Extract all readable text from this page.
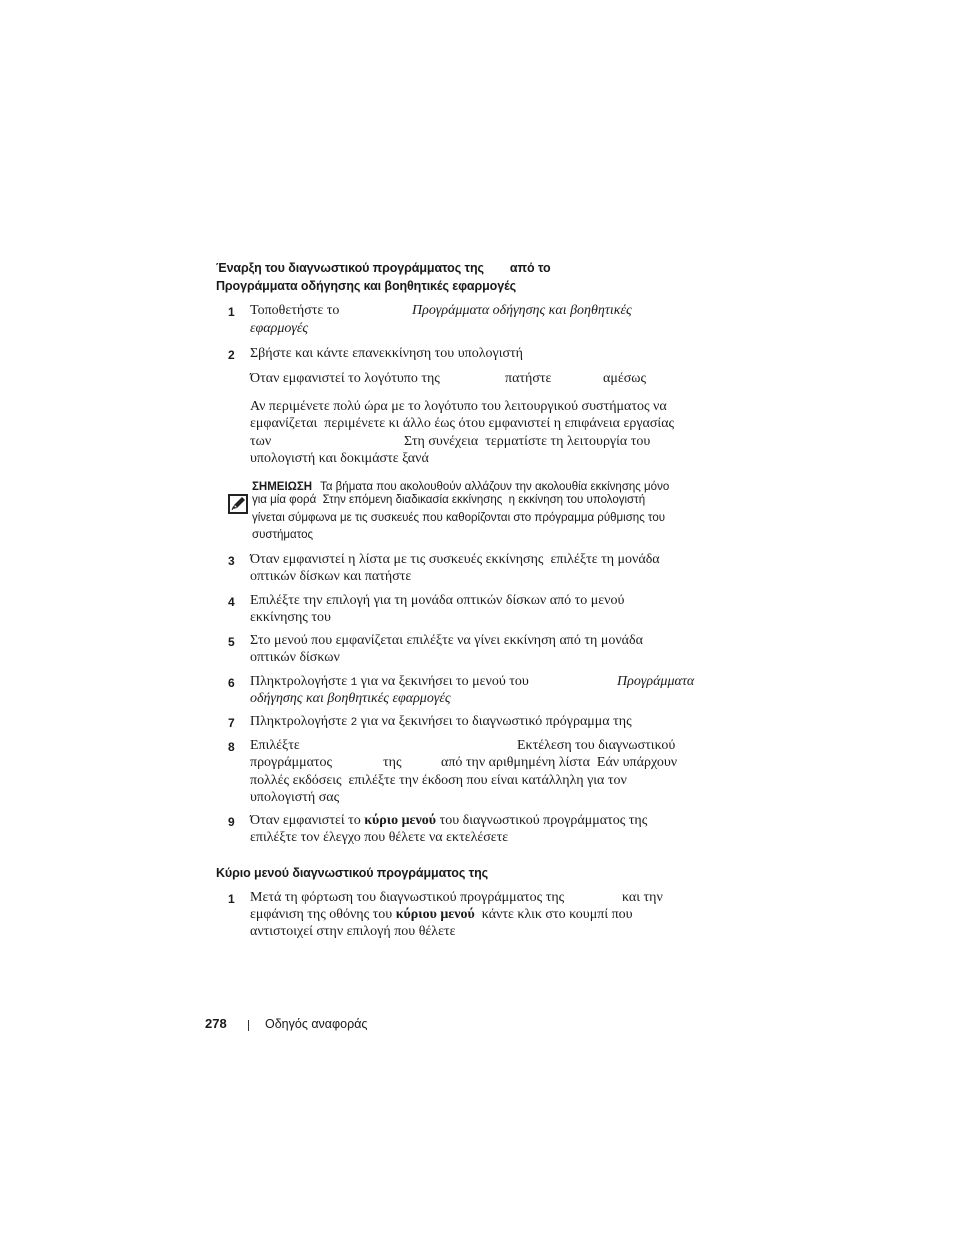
Έναρξη του διαγνωστικού προγράμματος της από το
Προγράμματα οδήγησης και βοηθητικές εφαρμογές
1 Τοποθετήστε το	Προγράμματα οδήγησης και βοηθητικές
εφαρμογές
2 Σβήστε και κάντε επανεκκίνηση του υπολογιστή
Όταν εμφανιστεί το λογότυπο της	πατήστε	αμέσως
Αν περιμένετε πολύ ώρα με το λογότυπο του λειτουργικού συστήματος να
εμφανίζεται  περιμένετε κι άλλο έως ότου εμφανιστεί η επιφάνεια εργασίας
των	Στη συνέχεια  τερματίστε τη λειτουργία του
υπολογιστή και δοκιμάστε ξανά

ΣΗΜΕΙΩΣΗ Τα βήματα που ακολουθούν αλλάζουν την ακολουθία εκκίνησης μόνο
για μία φορά  Στην επόμενη διαδικασία εκκίνησης  η εκκίνηση του υπολογιστή
γίνεται σύμφωνα με τις συσκευές που καθορίζονται στο πρόγραμμα ρύθμισης του
συστήματος
3 Όταν εμφανιστεί η λίστα με τις συσκευές εκκίνησης  επιλέξτε τη μονάδα
οπτικών δίσκων και πατήστε
4 Επιλέξτε την επιλογή για τη μονάδα οπτικών δίσκων από το μενού
εκκίνησης του
5 Στο μενού που εμφανίζεται επιλέξτε να γίνει εκκίνηση από τη μονάδα
οπτικών δίσκων
6 Πληκτρολογήστε 1 για να ξεκινήσει το μενού του	Προγράμματα
οδήγησης και βοηθητικές εφαρμογές
7 Πληκτρολογήστε 2 για να ξεκινήσει το διαγνωστικό πρόγραμμα της
8 Επιλέξτε	Εκτέλεση του διαγνωστικού
προγράμματος	της	από την αριθμημένη λίστα  Εάν υπάρχουν
πολλές εκδόσεις  επιλέξτε την έκδοση που είναι κατάλληλη για τον
υπολογιστή σας
9 Όταν εμφανιστεί το κύριο μενού του διαγνωστικού προγράμματος της
επιλέξτε τον έλεγχο που θέλετε να εκτελέσετε
Κύριο μενού διαγνωστικού προγράμματος της
1 Μετά τη φόρτωση του διαγνωστικού προγράμματος της	και την
εμφάνιση της οθόνης του κύριου μενού κάντε κλικ στο κουμπί που
αντιστοιχεί στην επιλογή που θέλετε
278	Οδηγός αναφοράς
